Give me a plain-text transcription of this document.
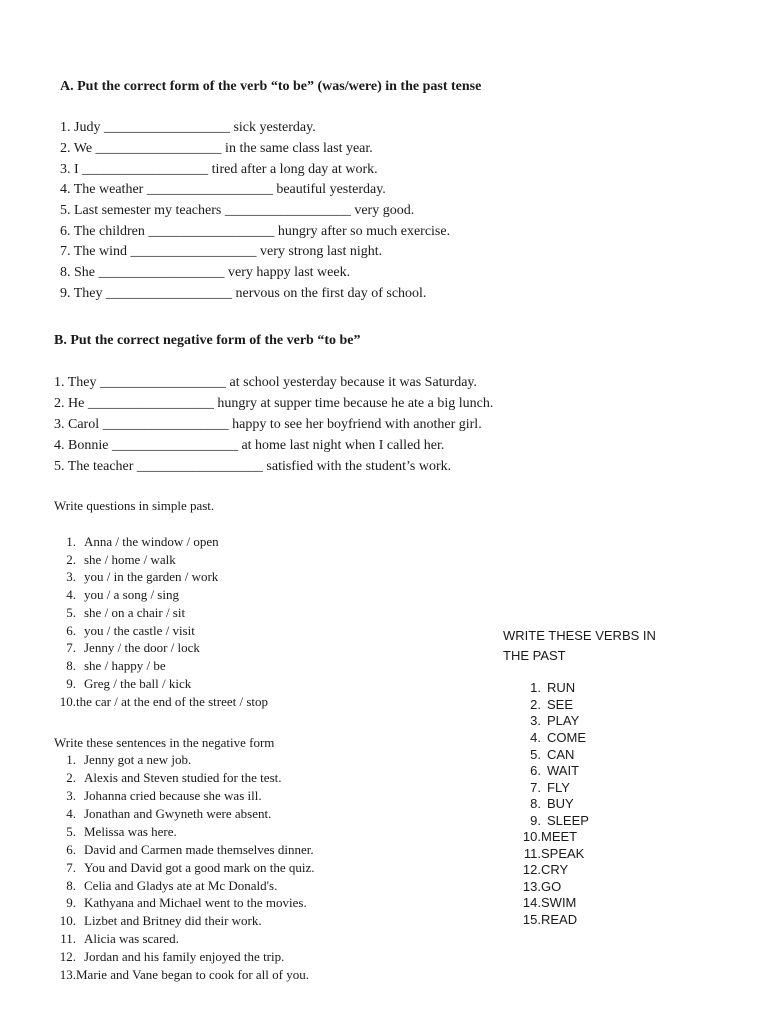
A. Put the correct form of the verb “to be” (was/were) in the past tense
1. Judy __________________ sick yesterday.
2. We __________________ in the same class last year.
3. I __________________ tired after a long day at work.
4. The weather __________________ beautiful yesterday.
5. Last semester my teachers __________________ very good.
6. The children __________________ hungry after so much exercise.
7. The wind __________________ very strong last night.
8. She __________________ very happy last week.
9. They __________________ nervous on the first day of school.
B. Put the correct negative form of the verb “to be”
1. They __________________ at school yesterday because it was Saturday.
2. He __________________ hungry at supper time because he ate a big lunch.
3. Carol __________________ happy to see her boyfriend with another girl.
4. Bonnie __________________ at home last night when I called her.
5. The teacher __________________ satisfied with the student’s work.
Write questions in simple past.
1. Anna / the window / open
2. she / home / walk
3. you / in the garden / work
4. you / a song / sing
5. she / on a chair / sit
6. you / the castle / visit
7. Jenny / the door / lock
8. she / happy / be
9. Greg / the ball / kick
10.the car / at the end of the street / stop
Write these sentences in the negative form
1. Jenny got a new job.
2. Alexis and Steven studied for the test.
3. Johanna cried because she was ill.
4. Jonathan and Gwyneth were absent.
5. Melissa was here.
6. David and Carmen made themselves dinner.
7. You and David got a good mark on the quiz.
8. Celia and Gladys ate at Mc Donald's.
9. Kathyana and Michael went to the movies.
10. Lizbet and Britney did their work.
11. Alicia was scared.
12. Jordan and his family enjoyed the trip.
13.Marie and Vane began to cook for all of you.
WRITE THESE VERBS IN
THE PAST
1. RUN
2. SEE
3. PLAY
4. COME
5. CAN
6. WAIT
7. FLY
8. BUY
9. SLEEP
10.MEET
11.SPEAK
12.CRY
13.GO
14.SWIM
15.READ
